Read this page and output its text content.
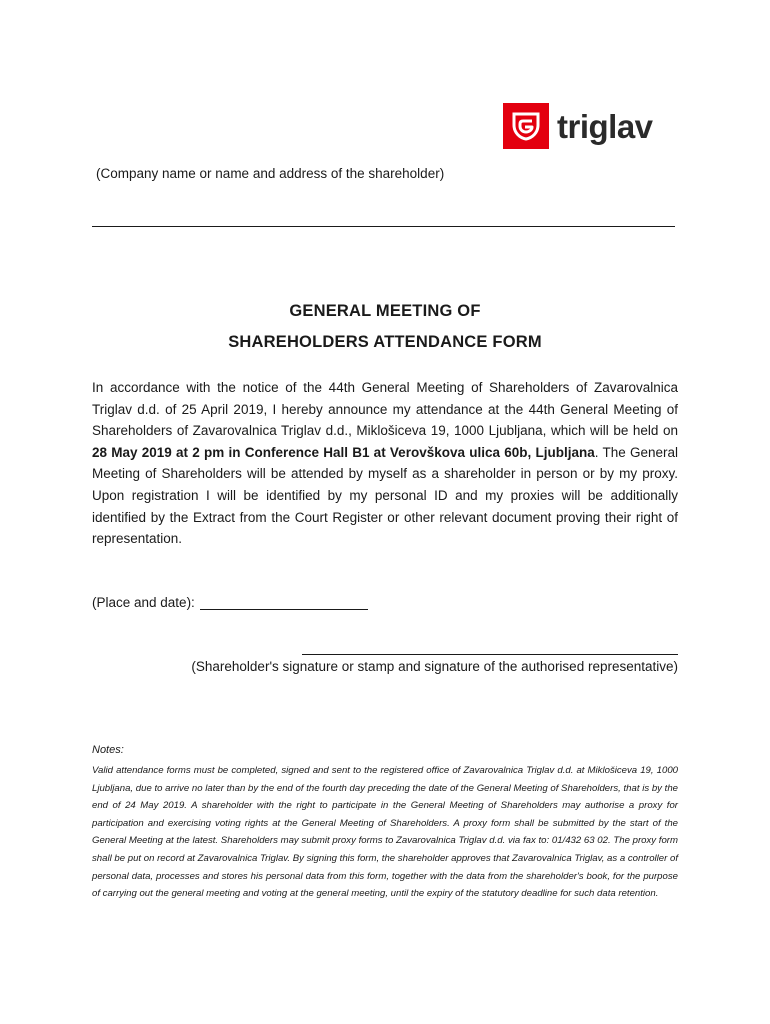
triglav
(Company name or name and address of the shareholder)
GENERAL MEETING OF
SHAREHOLDERS ATTENDANCE FORM
In accordance with the notice of the 44th General Meeting of Shareholders of Zavarovalnica Triglav d.d. of 25 April 2019, I hereby announce my attendance at the 44th General Meeting of Shareholders of Zavarovalnica Triglav d.d., Miklošiceva 19, 1000 Ljubljana, which will be held on 28 May 2019 at 2 pm in Conference Hall B1 at Verovškova ulica 60b, Ljubljana. The General Meeting of Shareholders will be attended by myself as a shareholder in person or by my proxy. Upon registration I will be identified by my personal ID and my proxies will be additionally identified by the Extract from the Court Register or other relevant document proving their right of representation.
(Place and date):
(Shareholder's signature or stamp and signature of the authorised representative)
Notes:
Valid attendance forms must be completed, signed and sent to the registered office of Zavarovalnica Triglav d.d. at Miklošiceva 19, 1000 Ljubljana, due to arrive no later than by the end of the fourth day preceding the date of the General Meeting of Shareholders, that is by the end of 24 May 2019. A shareholder with the right to participate in the General Meeting of Shareholders may authorise a proxy for participation and exercising voting rights at the General Meeting of Shareholders. A proxy form shall be submitted by the start of the General Meeting at the latest. Shareholders may submit proxy forms to Zavarovalnica Triglav d.d. via fax to: 01/432 63 02. The proxy form shall be put on record at Zavarovalnica Triglav. By signing this form, the shareholder approves that Zavarovalnica Triglav, as a controller of personal data, processes and stores his personal data from this form, together with the data from the shareholder's book, for the purpose of carrying out the general meeting and voting at the general meeting, until the expiry of the statutory deadline for such data retention.
